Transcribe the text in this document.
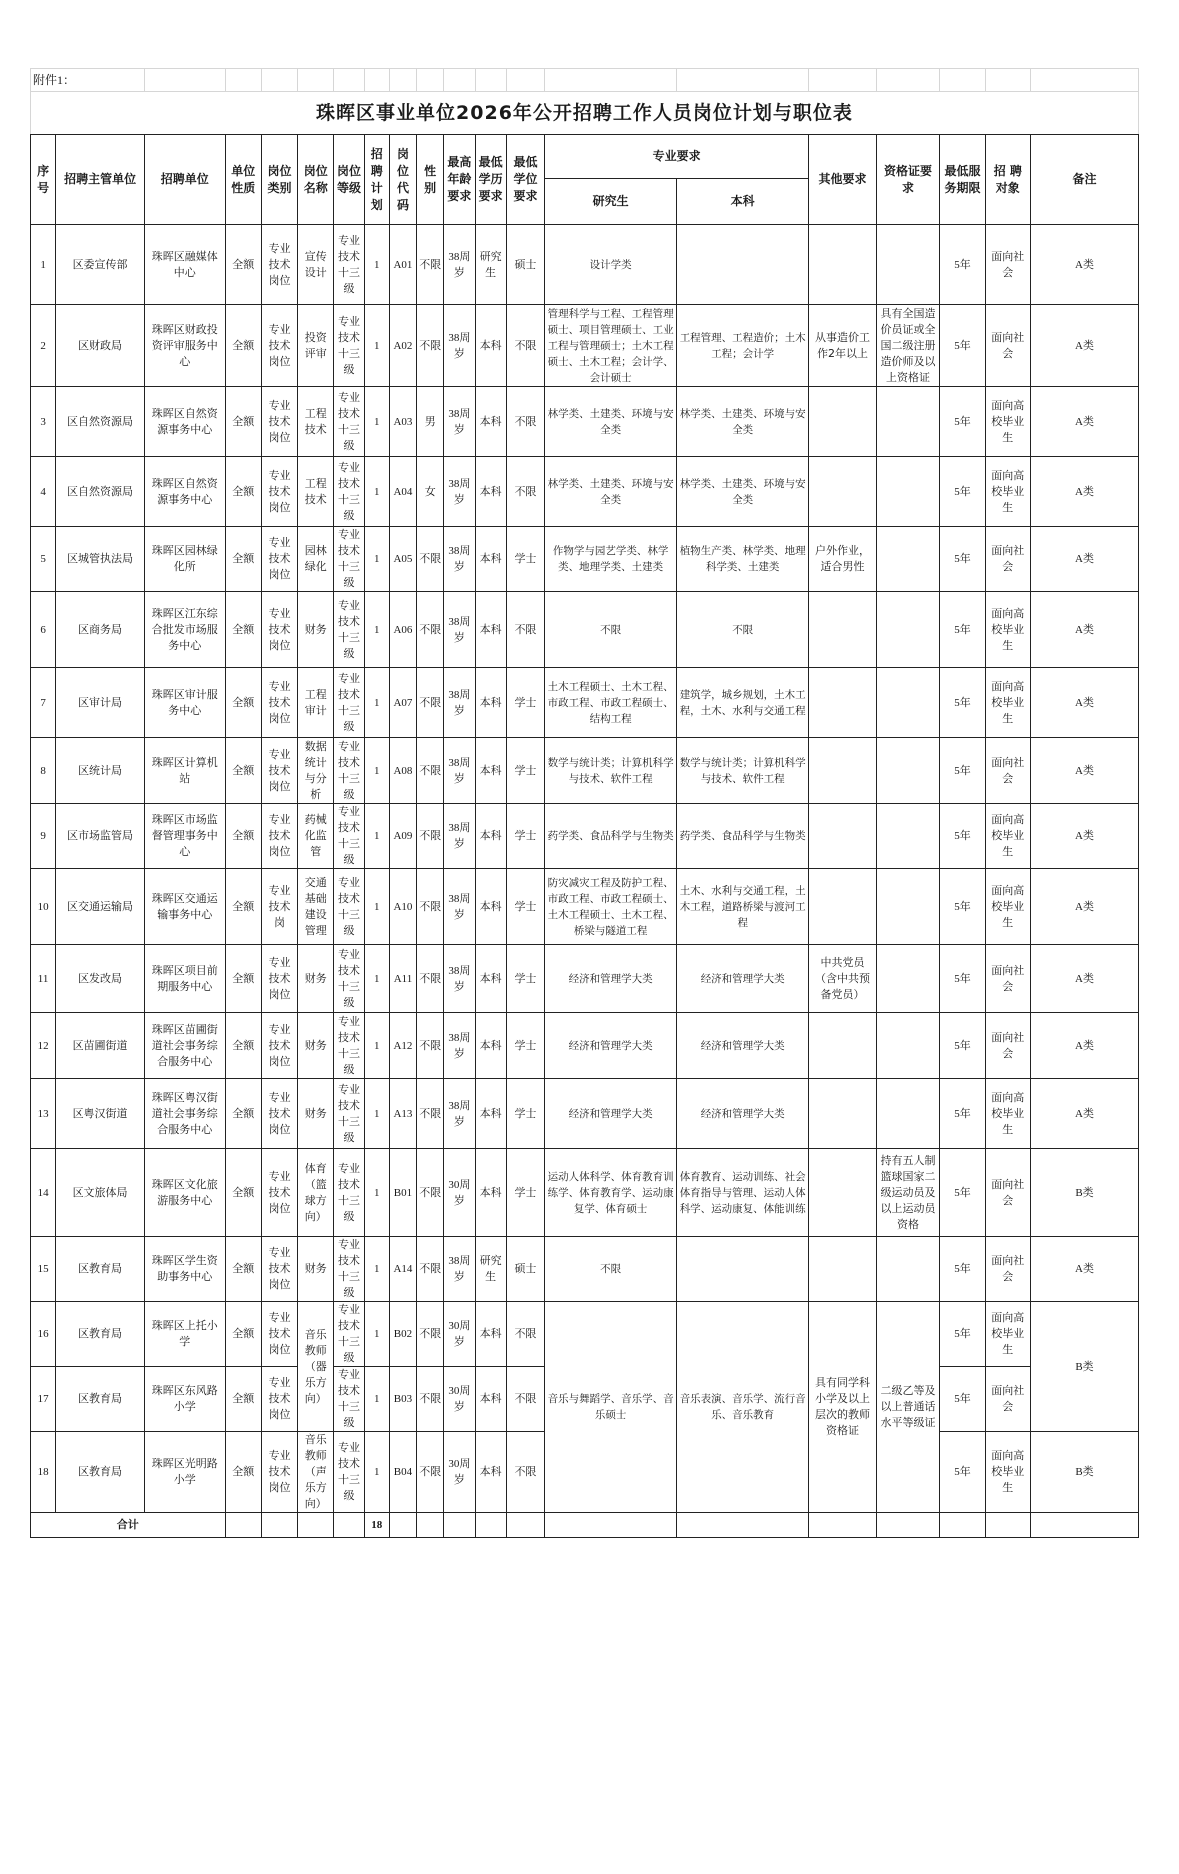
附件1：																			
珠晖区事业单位2026年公开招聘工作人员岗位计划与职位表																			
序号	招聘主管单位	招聘单位	单位性质	岗位类别	岗位名称	岗位等级	招聘计划	岗位代码	性别	最高年龄要求	最低学历要求	最低学位要求	专业要求		其他要求	资格证要求	最低服务期限	招 聘 对象	备注
													研究生	本科					
1	区委宣传部	珠晖区融媒体中心	全额	专业技术岗位	宣传设计	专业技术十三级	1	A01	不限	38周岁	研究生	硕士	设计学类				5年	面向社会	A类
2	区财政局	珠晖区财政投资评审服务中心	全额	专业技术岗位	投资评审	专业技术十三级	1	A02	不限	38周岁	本科	不限	管理科学与工程、工程管理硕士、项目管理硕士、工业工程与管理硕士；土木工程硕士、土木工程；会计学、会计硕士	工程管理、工程造价；土木工程；会计学	从事造价工作2年以上	具有全国造价员证或全国二级注册造价师及以上资格证	5年	面向社会	A类
3	区自然资源局	珠晖区自然资源事务中心	全额	专业技术岗位	工程技术	专业技术十三级	1	A03	男	38周岁	本科	不限	林学类、土建类、环境与安全类	林学类、土建类、环境与安全类			5年	面向高校毕业生	A类
4	区自然资源局	珠晖区自然资源事务中心	全额	专业技术岗位	工程技术	专业技术十三级	1	A04	女	38周岁	本科	不限	林学类、土建类、环境与安全类	林学类、土建类、环境与安全类			5年	面向高校毕业生	A类
5	区城管执法局	珠晖区园林绿化所	全额	专业技术岗位	园林绿化	专业技术十三级	1	A05	不限	38周岁	本科	学士	作物学与园艺学类、林学类、地理学类、土建类	植物生产类、林学类、地理科学类、土建类	户外作业，适合男性		5年	面向社会	A类
6	区商务局	珠晖区江东综合批发市场服务中心	全额	专业技术岗位	财务	专业技术十三级	1	A06	不限	38周岁	本科	不限	不限	不限			5年	面向高校毕业生	A类
7	区审计局	珠晖区审计服务中心	全额	专业技术岗位	工程审计	专业技术十三级	1	A07	不限	38周岁	本科	学士	土木工程硕士、土木工程、市政工程、市政工程硕士、结构工程	建筑学，城乡规划，土木工程，土木、水利与交通工程			5年	面向高校毕业生	A类
8	区统计局	珠晖区计算机站	全额	专业技术岗位	数据统计与分析	专业技术十三级	1	A08	不限	38周岁	本科	学士	数学与统计类；计算机科学与技术、软件工程	数学与统计类；计算机科学与技术、软件工程			5年	面向社会	A类
9	区市场监管局	珠晖区市场监督管理事务中心	全额	专业技术岗位	药械化监管	专业技术十三级	1	A09	不限	38周岁	本科	学士	药学类、食品科学与生物类	药学类、食品科学与生物类			5年	面向高校毕业生	A类
10	区交通运输局	珠晖区交通运输事务中心	全额	专业技术岗	交通基础建设管理	专业技术十三级	1	A10	不限	38周岁	本科	学士	防灾减灾工程及防护工程、市政工程、市政工程硕士、土木工程硕士、土木工程、桥梁与隧道工程	土木、水利与交通工程，土木工程，道路桥梁与渡河工程			5年	面向高校毕业生	A类
11	区发改局	珠晖区项目前期服务中心	全额	专业技术岗位	财务	专业技术十三级	1	A11	不限	38周岁	本科	学士	经济和管理学大类	经济和管理学大类	中共党员（含中共预备党员）		5年	面向社会	A类
12	区苗圃街道	珠晖区苗圃街道社会事务综合服务中心	全额	专业技术岗位	财务	专业技术十三级	1	A12	不限	38周岁	本科	学士	经济和管理学大类	经济和管理学大类			5年	面向社会	A类
13	区粤汉街道	珠晖区粤汉街道社会事务综合服务中心	全额	专业技术岗位	财务	专业技术十三级	1	A13	不限	38周岁	本科	学士	经济和管理学大类	经济和管理学大类			5年	面向高校毕业生	A类
14	区文旅体局	珠晖区文化旅游服务中心	全额	专业技术岗位	体育（篮球方向）	专业技术十三级	1	B01	不限	30周岁	本科	学士	运动人体科学、体育教育训练学、体育教育学、运动康复学、体育硕士	体育教育、运动训练、社会体育指导与管理、运动人体科学、运动康复、体能训练		持有五人制篮球国家二级运动员及以上运动员资格	5年	面向社会	B类
15	区教育局	珠晖区学生资助事务中心	全额	专业技术岗位	财务	专业技术十三级	1	A14	不限	38周岁	研究生	硕士	不限				5年	面向社会	A类
16	区教育局	珠晖区上托小学	全额	专业技术岗位	音乐教师（器乐方向）	专业技术十三级	1	B02	不限	30周岁	本科	不限	音乐与舞蹈学、音乐学、音乐硕士	音乐表演、音乐学、流行音乐、音乐教育	具有同学科小学及以上层次的教师资格证	二级乙等及以上普通话水平等级证	5年	面向高校毕业生	B类
17	区教育局	珠晖区东风路小学	全额	专业技术岗位		专业技术十三级	1	B03	不限	30周岁	本科	不限					5年	面向社会	
18	区教育局	珠晖区光明路小学	全额	专业技术岗位	音乐教师（声乐方向）	专业技术十三级	1	B04	不限	30周岁	本科	不限					5年	面向高校毕业生	B类
合计							18												
